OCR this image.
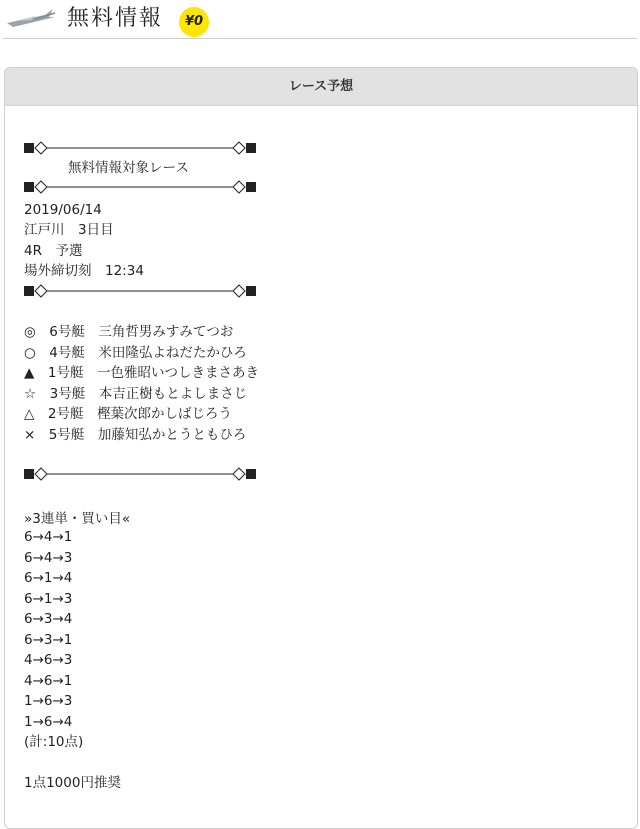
無料情報	¥0
レース予想
無料情報対象レース
2019/06/14
江戸川　3日目
4R　予選
場外締切刻　12:34
◎　6号艇　三角哲男みすみてつお
○　4号艇　米田隆弘よねだたかひろ
▲　1号艇　一色雅昭いつしきまさあき
☆　3号艇　本吉正樹もとよしまさじ
△　2号艇　樫葉次郎かしばじろう
×　5号艇　加藤知弘かとうともひろ
»3連単・買い目«
6→4→1
6→4→3
6→1→4
6→1→3
6→3→4
6→3→1
4→6→3
4→6→1
1→6→3
1→6→4
(計:10点)
1点1000円推奨
